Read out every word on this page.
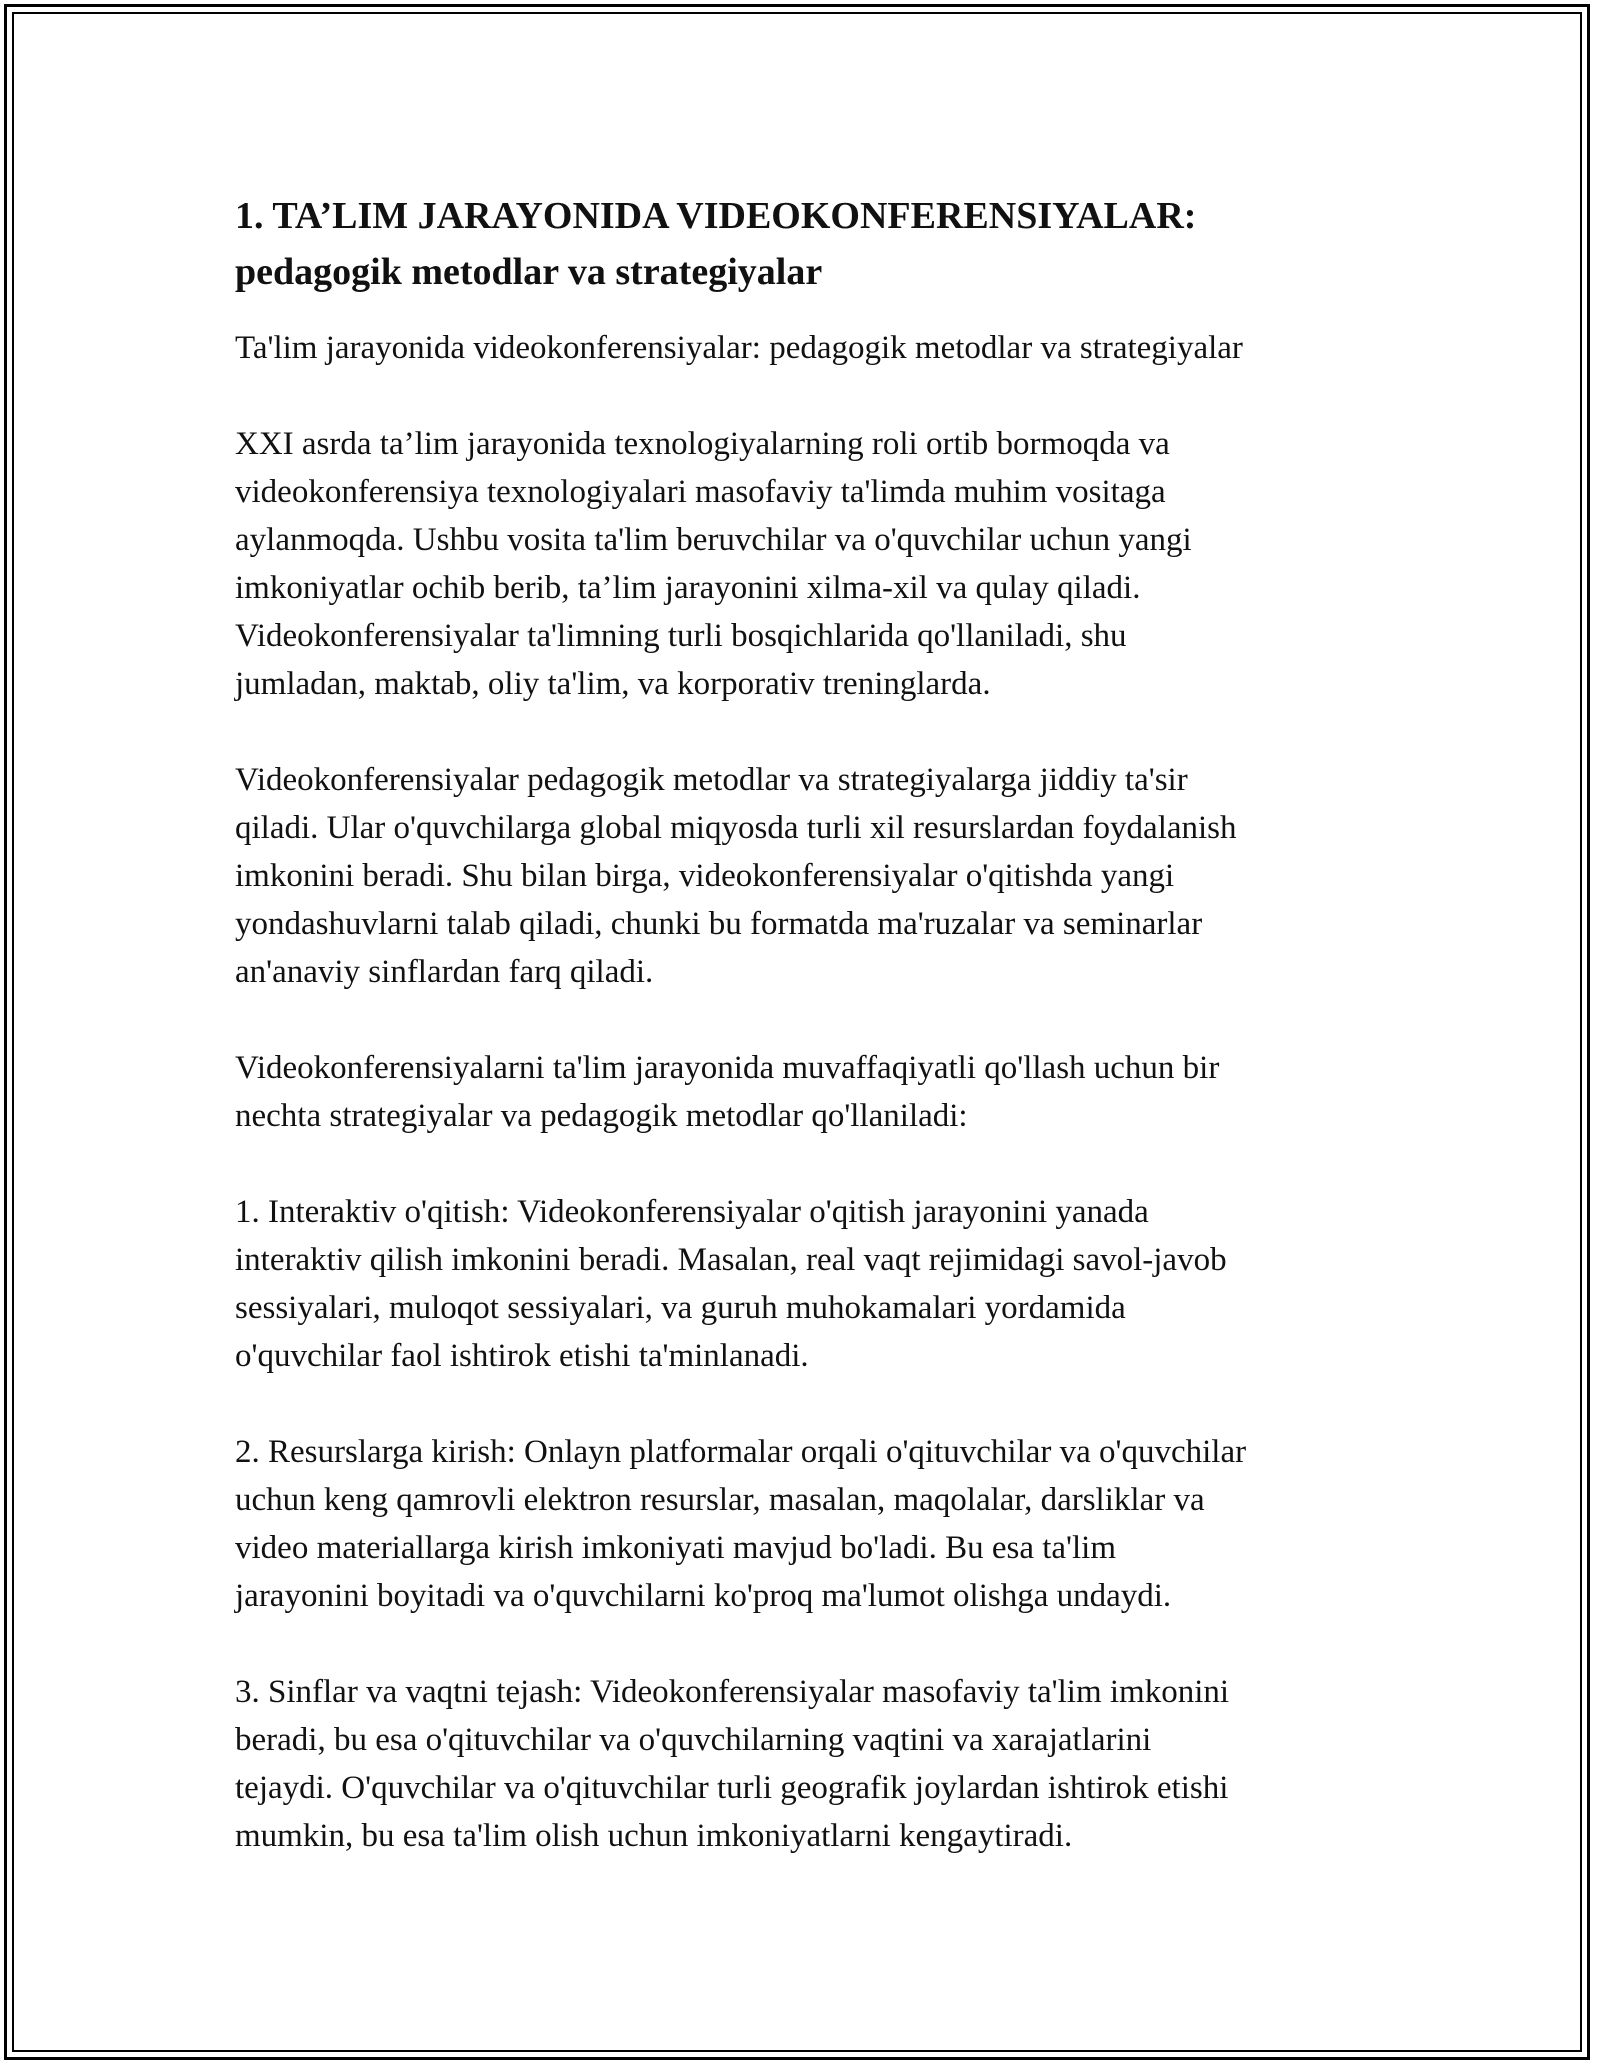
1. TA’LIM JARAYONIDA VIDEOKONFERENSIYALAR:
pedagogik metodlar va strategiyalar

Ta'lim jarayonida videokonferensiyalar: pedagogik metodlar va strategiyalar

XXI asrda ta’lim jarayonida texnologiyalarning roli ortib bormoqda va
videokonferensiya texnologiyalari masofaviy ta'limda muhim vositaga
aylanmoqda. Ushbu vosita ta'lim beruvchilar va o'quvchilar uchun yangi
imkoniyatlar ochib berib, ta’lim jarayonini xilma-xil va qulay qiladi.
Videokonferensiyalar ta'limning turli bosqichlarida qo'llaniladi, shu
jumladan, maktab, oliy ta'lim, va korporativ treninglarda.

Videokonferensiyalar pedagogik metodlar va strategiyalarga jiddiy ta'sir
qiladi. Ular o'quvchilarga global miqyosda turli xil resurslardan foydalanish
imkonini beradi. Shu bilan birga, videokonferensiyalar o'qitishda yangi
yondashuvlarni talab qiladi, chunki bu formatda ma'ruzalar va seminarlar
an'anaviy sinflardan farq qiladi.

Videokonferensiyalarni ta'lim jarayonida muvaffaqiyatli qo'llash uchun bir
nechta strategiyalar va pedagogik metodlar qo'llaniladi:

1. Interaktiv o'qitish: Videokonferensiyalar o'qitish jarayonini yanada
interaktiv qilish imkonini beradi. Masalan, real vaqt rejimidagi savol-javob
sessiyalari, muloqot sessiyalari, va guruh muhokamalari yordamida
o'quvchilar faol ishtirok etishi ta'minlanadi.

2. Resurslarga kirish: Onlayn platformalar orqali o'qituvchilar va o'quvchilar
uchun keng qamrovli elektron resurslar, masalan, maqolalar, darsliklar va
video materiallarga kirish imkoniyati mavjud bo'ladi. Bu esa ta'lim
jarayonini boyitadi va o'quvchilarni ko'proq ma'lumot olishga undaydi.

3. Sinflar va vaqtni tejash: Videokonferensiyalar masofaviy ta'lim imkonini
beradi, bu esa o'qituvchilar va o'quvchilarning vaqtini va xarajatlarini
tejaydi. O'quvchilar va o'qituvchilar turli geografik joylardan ishtirok etishi
mumkin, bu esa ta'lim olish uchun imkoniyatlarni kengaytiradi.
